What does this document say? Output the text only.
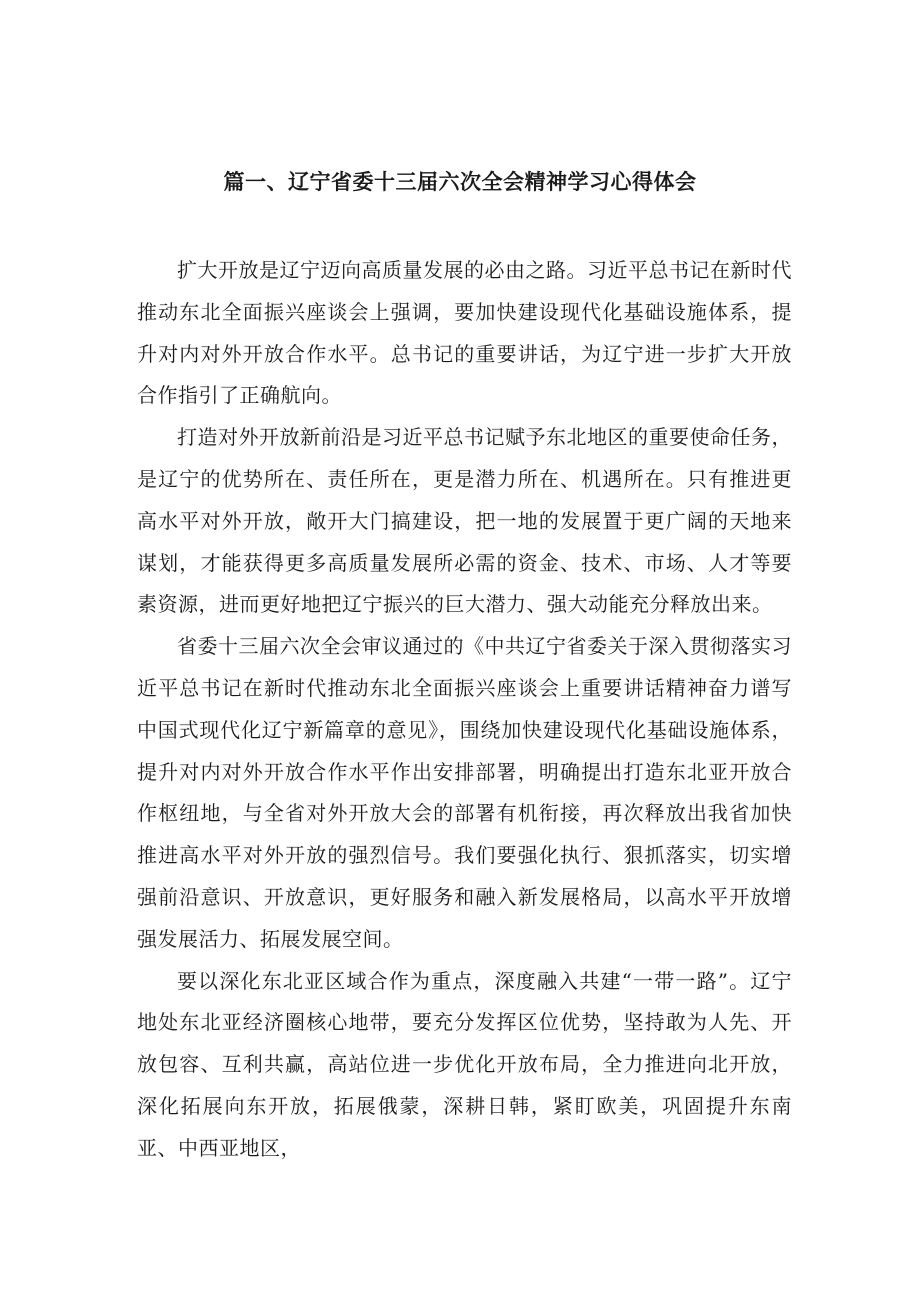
篇一、辽宁省委十三届六次全会精神学习心得体会

扩大开放是辽宁迈向高质量发展的必由之路。习近平总书记在新时代推动东北全面振兴座谈会上强调，要加快建设现代化基础设施体系，提升对内对外开放合作水平。总书记的重要讲话，为辽宁进一步扩大开放合作指引了正确航向。

打造对外开放新前沿是习近平总书记赋予东北地区的重要使命任务，是辽宁的优势所在、责任所在，更是潜力所在、机遇所在。只有推进更高水平对外开放，敞开大门搞建设，把一地的发展置于更广阔的天地来谋划，才能获得更多高质量发展所必需的资金、技术、市场、人才等要素资源，进而更好地把辽宁振兴的巨大潜力、强大动能充分释放出来。

省委十三届六次全会审议通过的《中共辽宁省委关于深入贯彻落实习近平总书记在新时代推动东北全面振兴座谈会上重要讲话精神奋力谱写中国式现代化辽宁新篇章的意见》，围绕加快建设现代化基础设施体系，提升对内对外开放合作水平作出安排部署，明确提出打造东北亚开放合作枢纽地，与全省对外开放大会的部署有机衔接，再次释放出我省加快推进高水平对外开放的强烈信号。我们要强化执行、狠抓落实，切实增强前沿意识、开放意识，更好服务和融入新发展格局，以高水平开放增强发展活力、拓展发展空间。

要以深化东北亚区域合作为重点，深度融入共建“一带一路”。辽宁地处东北亚经济圈核心地带，要充分发挥区位优势，坚持敢为人先、开放包容、互利共赢，高站位进一步优化开放布局，全力推进向北开放，深化拓展向东开放，拓展俄蒙，深耕日韩，紧盯欧美，巩固提升东南亚、中西亚地区，
